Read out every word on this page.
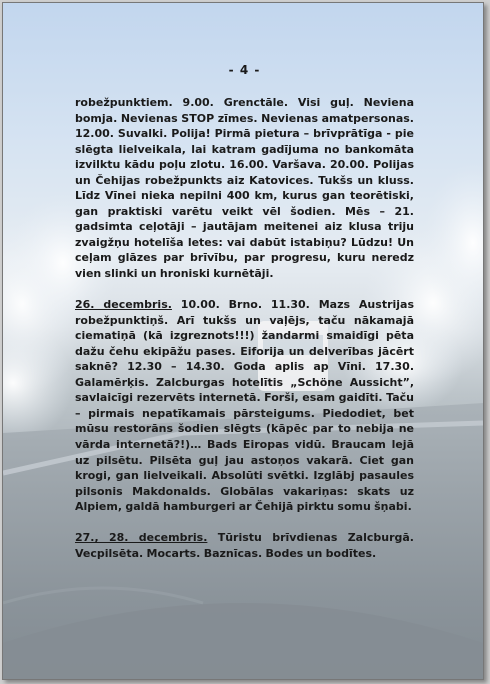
- 4 -

robežpunktiem. 9.00. Grenctāle. Visi guļ. Neviena bomja. Nevienas STOP zīmes. Nevienas amatpersonas. 12.00. Suvalki. Polija! Pirmā pietura – brīvprātīga - pie slēgta lielveikala, lai katram gadījuma no bankomāta izvilktu kādu poļu zlotu. 16.00. Varšava. 20.00. Polijas un Čehijas robežpunkts aiz Katovices. Tukšs un kluss. Līdz Vīnei nieka nepilni 400 km, kurus gan teorētiski, gan praktiski varētu veikt vēl šodien. Mēs – 21. gadsimta ceļotāji – jautājam meitenei aiz klusa triju zvaigžņu hotelīša letes: vai dabūt istabiņu? Lūdzu! Un ceļam glāzes par brīvību, par progresu, kuru neredz vien slinki un hroniski kurnētāji.

26. decembris. 10.00. Brno. 11.30. Mazs Austrijas robežpunktiņš. Arī tukšs un vaļējs, taču nākamajā ciematiņā (kā izgreznots!!!) žandarmi smaidīgi pēta dažu čehu ekipāžu pases. Eiforija un delverības jācērt saknē? 12.30 – 14.30. Goda aplis ap Vīni. 17.30. Galamērķis. Zalcburgas hotelītis „Schöne Aussicht”, savlaicīgi rezervēts internetā. Forši, esam gaidīti. Taču – pirmais nepatīkamais pārsteigums. Piedodiet, bet mūsu restorāns šodien slēgts (kāpēc par to nebija ne vārda internetā?!)… Bads Eiropas vidū. Braucam lejā uz pilsētu. Pilsēta guļ jau astoņos vakarā. Ciet gan krogi, gan lielveikali. Absolūti svētki. Izglābj pasaules pilsonis Makdonalds. Globālas vakariņas: skats uz Alpiem, galdā hamburgeri ar Čehijā pirktu somu šņabi.

27., 28. decembris. Tūristu brīvdienas Zalcburgā. Vecpilsēta. Mocarts. Baznīcas. Bodes un bodītes.
